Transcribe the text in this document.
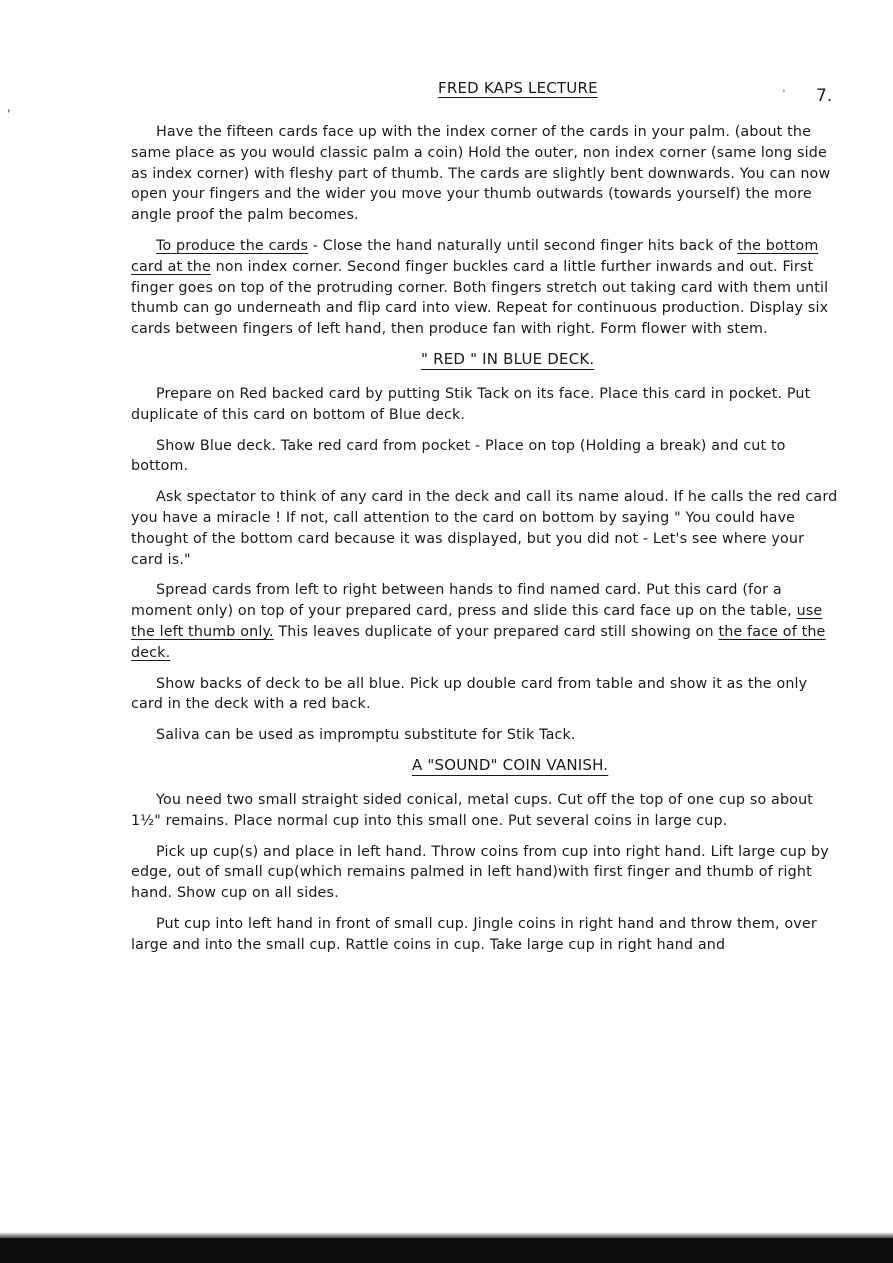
FRED KAPS LECTURE	7.
,
·

Have the fifteen cards face up with the index corner of the cards in your palm. (about the same place as you would classic palm a coin) Hold the outer, non index corner (same long side as index corner) with fleshy part of thumb. The cards are slightly bent downwards. You can now open your fingers and the wider you move your thumb outwards (towards yourself) the more angle proof the palm becomes.

To produce the cards - Close the hand naturally until second finger hits back of the bottom card at the non index corner. Second finger buckles card a little further inwards and out. First finger goes on top of the protruding corner. Both fingers stretch out taking card with them until thumb can go underneath and flip card into view. Repeat for continuous production. Display six cards between fingers of left hand, then produce fan with right. Form flower with stem.

" RED " IN BLUE DECK.

Prepare on Red backed card by putting Stik Tack on its face. Place this card in pocket. Put duplicate of this card on bottom of Blue deck.

Show Blue deck. Take red card from pocket - Place on top (Holding a break) and cut to bottom.

Ask spectator to think of any card in the deck and call its name aloud. If he calls the red card you have a miracle ! If not, call attention to the card on bottom by saying " You could have thought of the bottom card because it was displayed, but you did not - Let's see where your card is."

Spread cards from left to right between hands to find named card. Put this card (for a moment only) on top of your prepared card, press and slide this card face up on the table, use the left thumb only. This leaves duplicate of your prepared card still showing on the face of the deck.

Show backs of deck to be all blue. Pick up double card from table and show it as the only card in the deck with a red back.

Saliva can be used as impromptu substitute for Stik Tack.

A "SOUND" COIN VANISH.

You need two small straight sided conical, metal cups. Cut off the top of one cup so about 1½" remains. Place normal cup into this small one. Put several coins in large cup.

Pick up cup(s) and place in left hand. Throw coins from cup into right hand. Lift large cup by edge, out of small cup(which remains palmed in left hand)with first finger and thumb of right hand. Show cup on all sides.

Put cup into left hand in front of small cup. Jingle coins in right hand and throw them, over large and into the small cup. Rattle coins in cup. Take large cup in right hand and
